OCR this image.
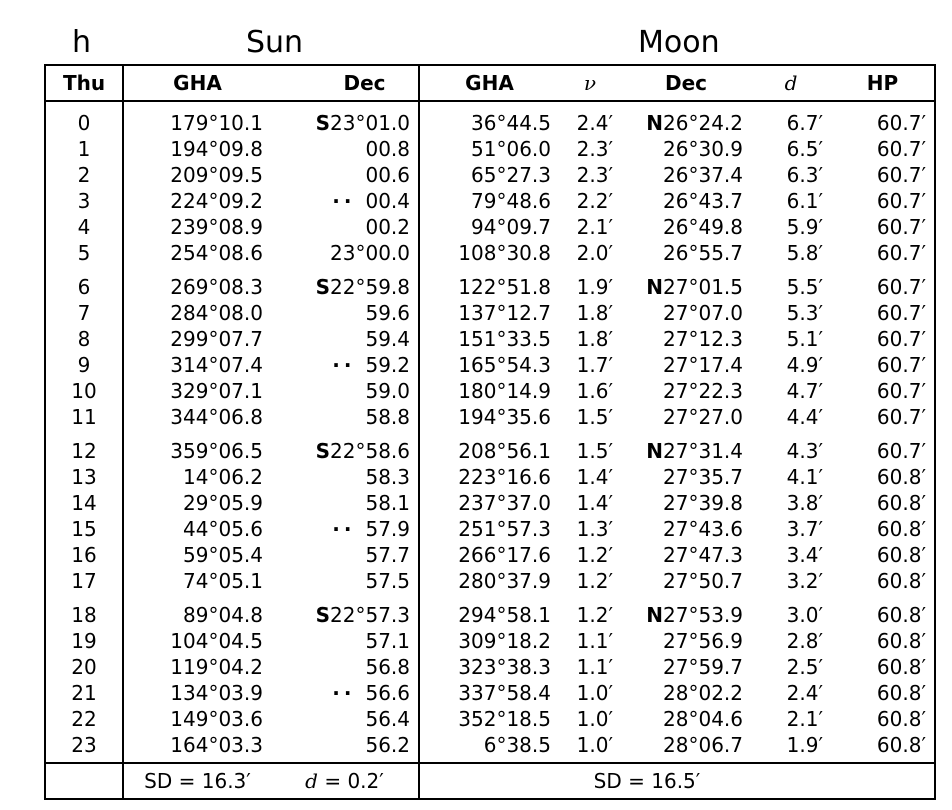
h	Sun	Moon
Thu	GHA	Dec	GHA	ν	Dec	d	HP
0	179°10.1	S23°01.0	36°44.5	2.4′	N26°24.2	6.7′	60.7′
1	194°09.8	00.8	51°06.0	2.3′	26°30.9	6.5′	60.7′
2	209°09.5	00.6	65°27.3	2.3′	26°37.4	6.3′	60.7′
3	224°09.2	·· 00.4	79°48.6	2.2′	26°43.7	6.1′	60.7′
4	239°08.9	00.2	94°09.7	2.1′	26°49.8	5.9′	60.7′
5	254°08.6	23°00.0	108°30.8	2.0′	26°55.7	5.8′	60.7′
6	269°08.3	S22°59.8	122°51.8	1.9′	N27°01.5	5.5′	60.7′
7	284°08.0	59.6	137°12.7	1.8′	27°07.0	5.3′	60.7′
8	299°07.7	59.4	151°33.5	1.8′	27°12.3	5.1′	60.7′
9	314°07.4	·· 59.2	165°54.3	1.7′	27°17.4	4.9′	60.7′
10	329°07.1	59.0	180°14.9	1.6′	27°22.3	4.7′	60.7′
11	344°06.8	58.8	194°35.6	1.5′	27°27.0	4.4′	60.7′
12	359°06.5	S22°58.6	208°56.1	1.5′	N27°31.4	4.3′	60.7′
13	14°06.2	58.3	223°16.6	1.4′	27°35.7	4.1′	60.8′
14	29°05.9	58.1	237°37.0	1.4′	27°39.8	3.8′	60.8′
15	44°05.6	·· 57.9	251°57.3	1.3′	27°43.6	3.7′	60.8′
16	59°05.4	57.7	266°17.6	1.2′	27°47.3	3.4′	60.8′
17	74°05.1	57.5	280°37.9	1.2′	27°50.7	3.2′	60.8′
18	89°04.8	S22°57.3	294°58.1	1.2′	N27°53.9	3.0′	60.8′
19	104°04.5	57.1	309°18.2	1.1′	27°56.9	2.8′	60.8′
20	119°04.2	56.8	323°38.3	1.1′	27°59.7	2.5′	60.8′
21	134°03.9	·· 56.6	337°58.4	1.0′	28°02.2	2.4′	60.8′
22	149°03.6	56.4	352°18.5	1.0′	28°04.6	2.1′	60.8′
23	164°03.3	56.2	6°38.5	1.0′	28°06.7	1.9′	60.8′
	SD = 16.3′	d = 0.2′	SD = 16.5′				
